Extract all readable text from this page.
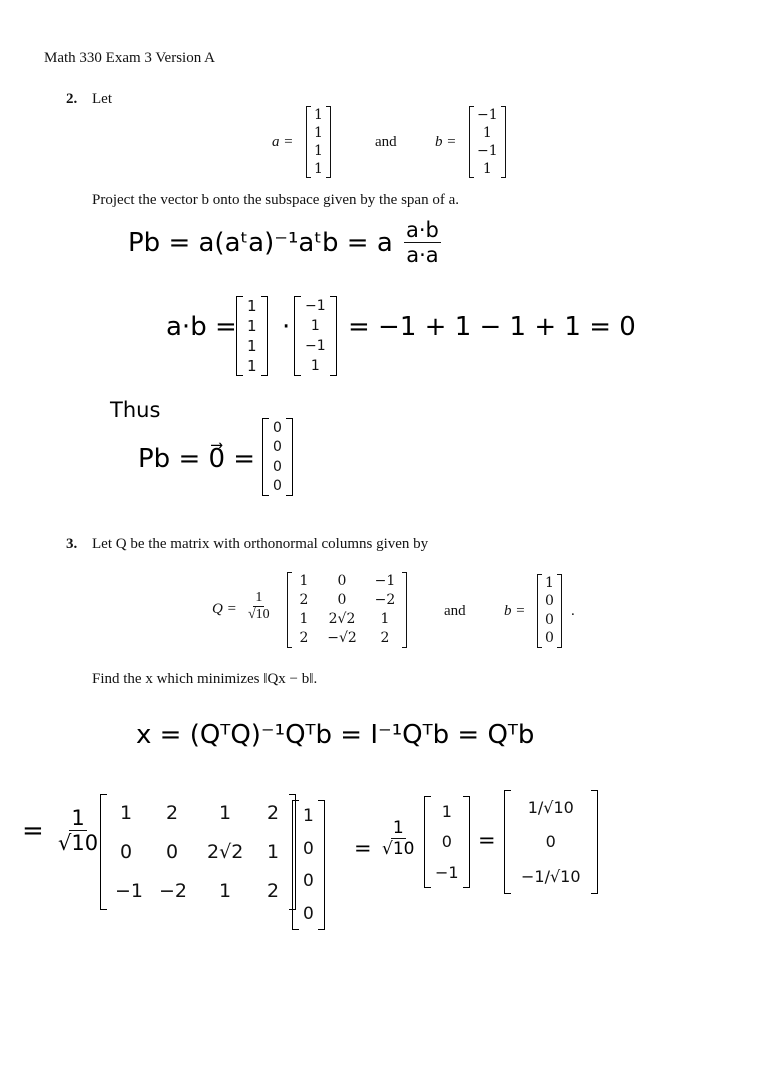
Math 330 Exam 3 Version A
2. Let
a =
1
1
1
1
and	b =
−1
1
−1
1
Project the vector b onto the subspace given by the span of a.
Pb = a(aᵗa)⁻¹aᵗb = a $\frac{a\cdot b}{a\cdot a}$
a·b =
1
1
1
1
·
−1
1
−1
1
= −1 + 1 − 1 + 1 = 0
Thus
Pb = 0⃗ =
0
0
0
0
3. Let Q be the matrix with orthonormal columns given by
$Q = \frac{1}{√10}$
1	0	−1
2	0	−2
1 2√2	1
2 −√2	2
and	b =
1
0
0
0
.
Find the x which minimizes ‖Qx − b‖.
x = (QᵀQ)⁻¹Qᵀb = I⁻¹Qᵀb = Qᵀb
= $\frac{1}{√10} 1$	2	1	2
0	0	2√2 1
−1 −2	1	2
1
0
0
0
= $\frac{1}{√10}$
1
0
−1
=
1/√10
0
−1/√10
